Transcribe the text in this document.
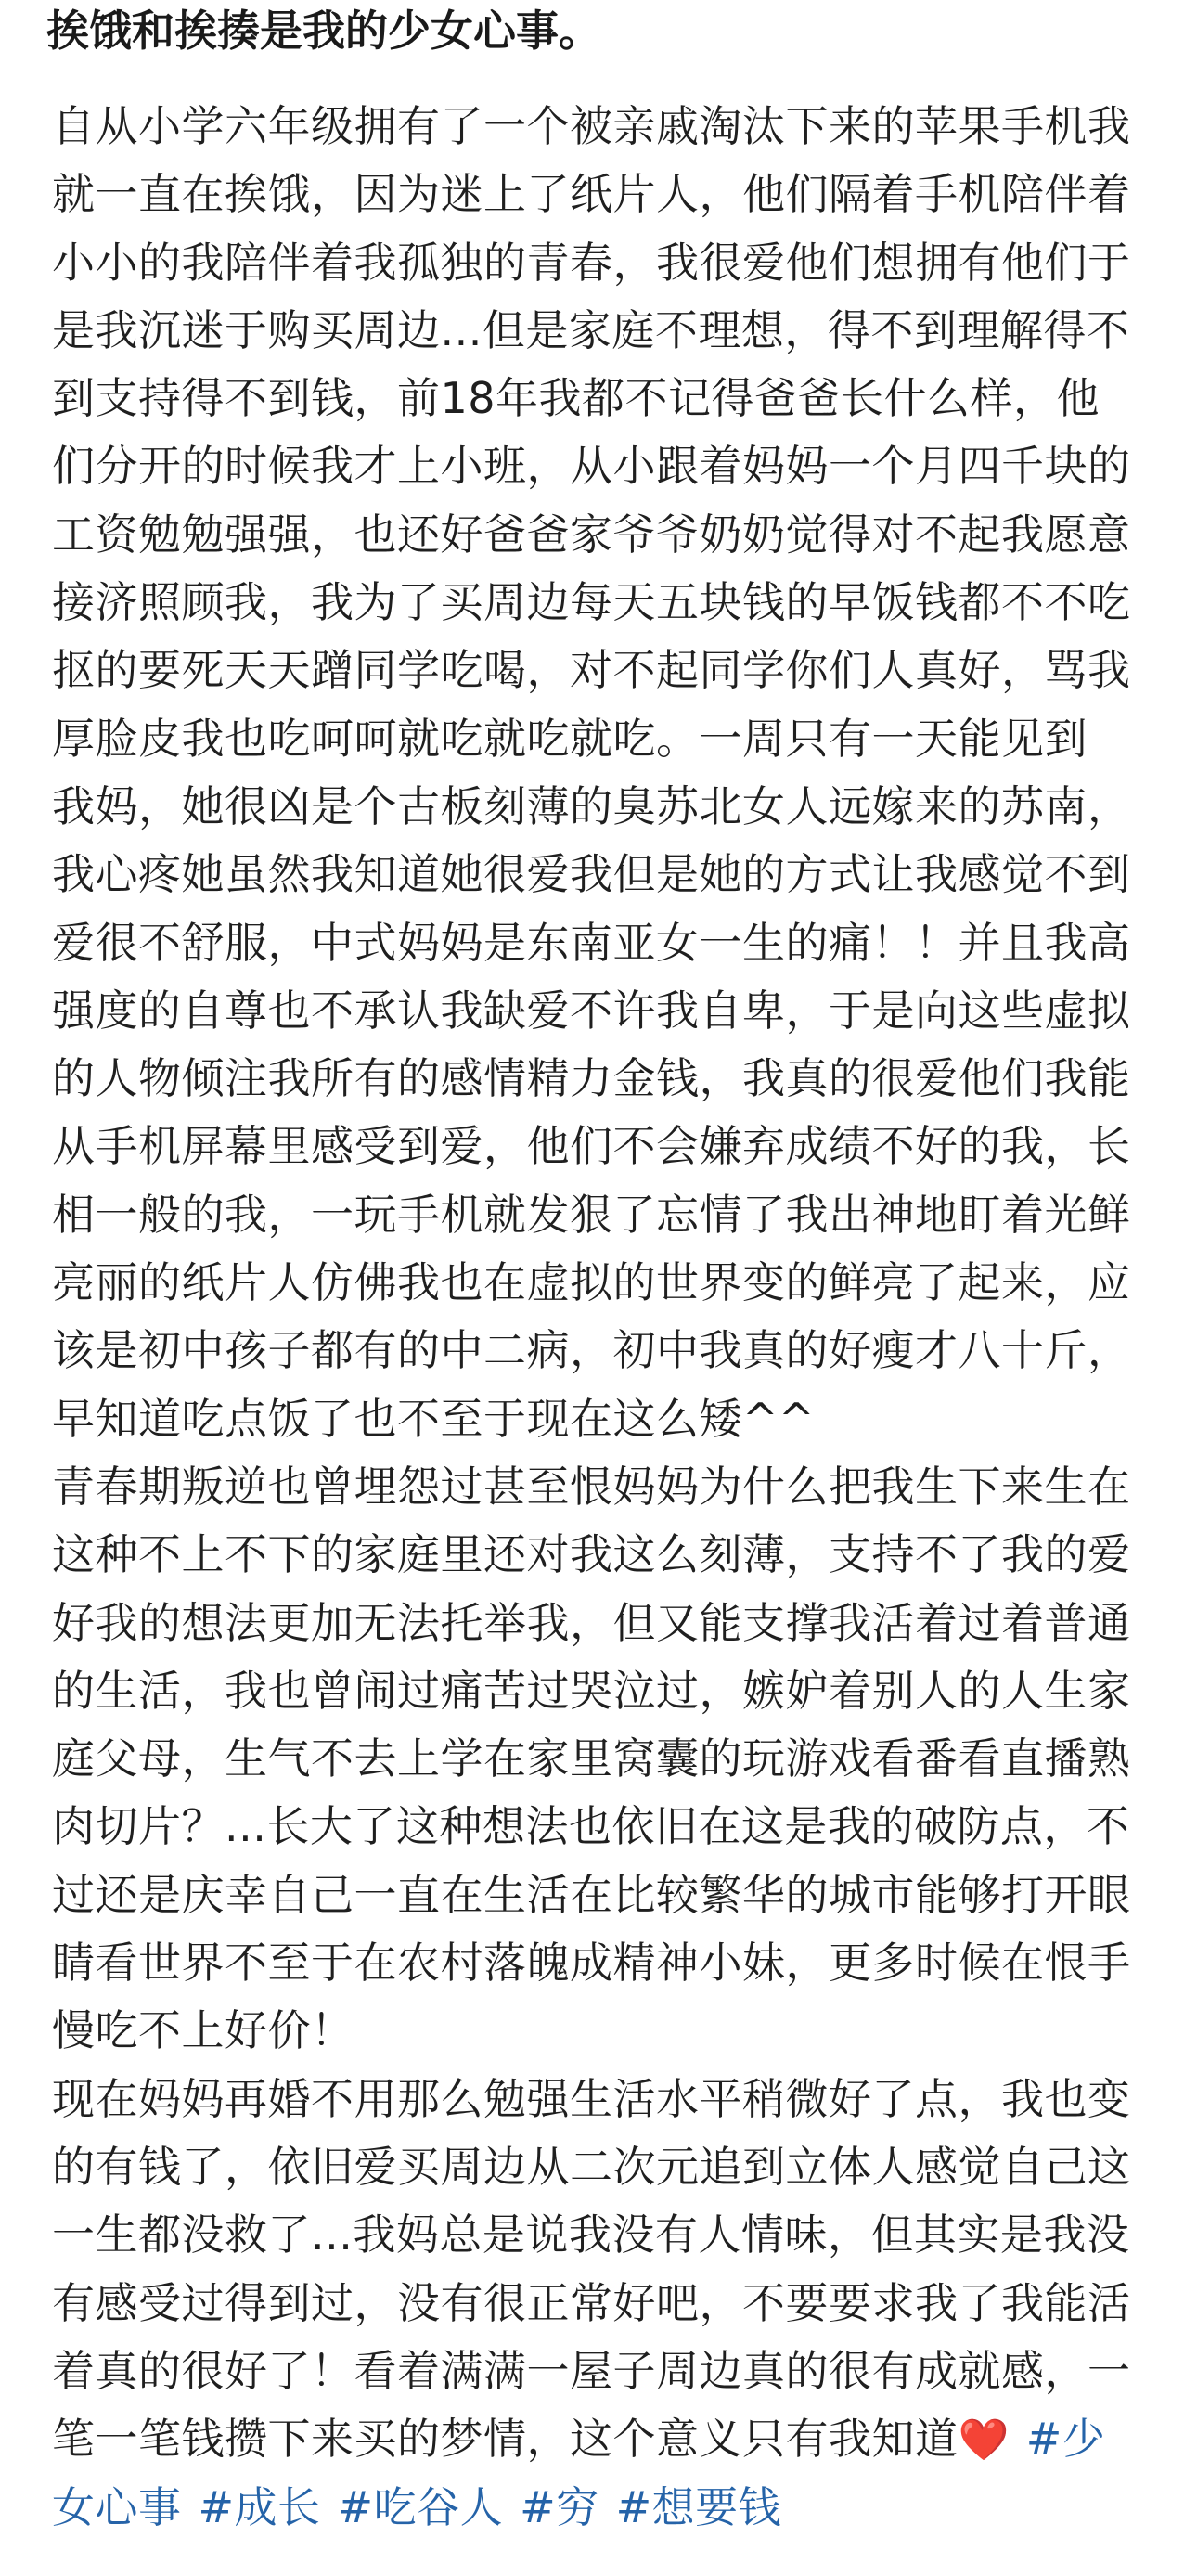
挨饿和挨揍是我的少女心事。
自从小学六年级拥有了一个被亲戚淘汰下来的苹果手机我
就一直在挨饿，因为迷上了纸片人，他们隔着手机陪伴着
小小的我陪伴着我孤独的青春，我很爱他们想拥有他们于
是我沉迷于购买周边...但是家庭不理想，得不到理解得不
到支持得不到钱，前18年我都不记得爸爸长什么样，他
们分开的时候我才上小班，从小跟着妈妈一个月四千块的
工资勉勉强强，也还好爸爸家爷爷奶奶觉得对不起我愿意
接济照顾我，我为了买周边每天五块钱的早饭钱都不不吃
抠的要死天天蹭同学吃喝，对不起同学你们人真好，骂我
厚脸皮我也吃呵呵就吃就吃就吃。一周只有一天能见到
我妈，她很凶是个古板刻薄的臭苏北女人远嫁来的苏南，
我心疼她虽然我知道她很爱我但是她的方式让我感觉不到
爱很不舒服，中式妈妈是东南亚女一生的痛！！并且我高
强度的自尊也不承认我缺爱不许我自卑，于是向这些虚拟
的人物倾注我所有的感情精力金钱，我真的很爱他们我能
从手机屏幕里感受到爱，他们不会嫌弃成绩不好的我，长
相一般的我，一玩手机就发狠了忘情了我出神地盯着光鲜
亮丽的纸片人仿佛我也在虚拟的世界变的鲜亮了起来，应
该是初中孩子都有的中二病，初中我真的好瘦才八十斤，
早知道吃点饭了也不至于现在这么矮^^
青春期叛逆也曾埋怨过甚至恨妈妈为什么把我生下来生在
这种不上不下的家庭里还对我这么刻薄，支持不了我的爱
好我的想法更加无法托举我，但又能支撑我活着过着普通
的生活，我也曾闹过痛苦过哭泣过，嫉妒着别人的人生家
庭父母，生气不去上学在家里窝囊的玩游戏看番看直播熟
肉切片？...长大了这种想法也依旧在这是我的破防点，不
过还是庆幸自己一直在生活在比较繁华的城市能够打开眼
睛看世界不至于在农村落魄成精神小妹，更多时候在恨手
慢吃不上好价！
现在妈妈再婚不用那么勉强生活水平稍微好了点，我也变
的有钱了，依旧爱买周边从二次元追到立体人感觉自己这
一生都没救了...我妈总是说我没有人情味，但其实是我没
有感受过得到过，没有很正常好吧，不要要求我了我能活
着真的很好了！看着满满一屋子周边真的很有成就感，一
笔一笔钱攒下来买的梦情，这个意义只有我知道❤️ #少女心事 #成长 #吃谷人 #穷 #想要钱
